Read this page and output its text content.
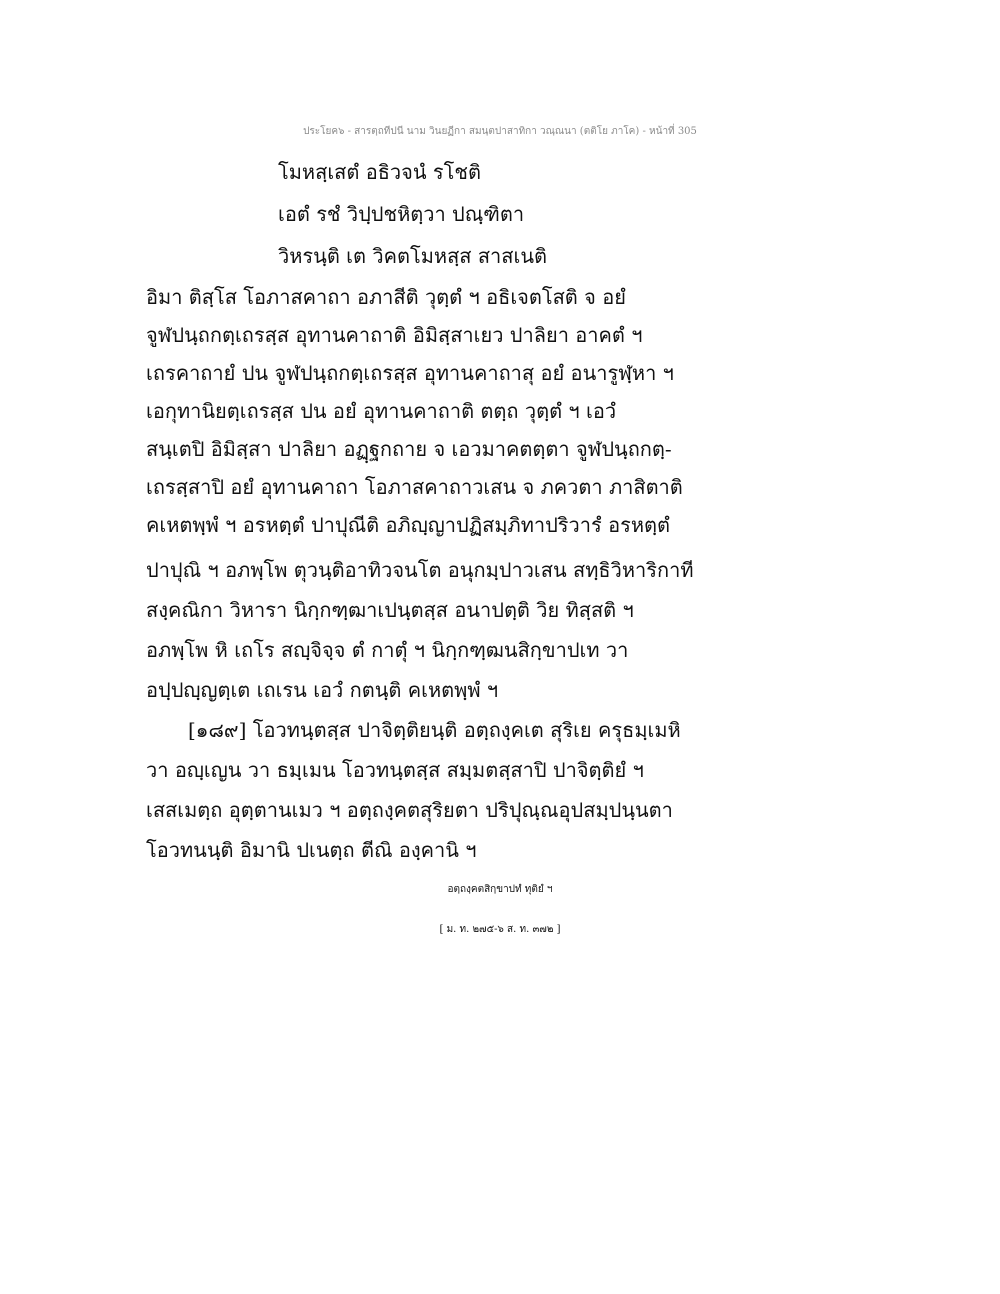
ประโยค๖ - สารตฺถทีปนี นาม วินยฏีกา สมนฺตปาสาทิกา วณฺณนา (ตติโย ภาโค) - หน้าที่ 305
โมหสฺเสตํ อธิวจนํ รโชติ
เอตํ รชํ วิปฺปชหิตฺวา ปณฺฑิตา
วิหรนฺติ เต วิคตโมหสฺส สาสเนติ
อิมา ติสฺโส โอภาสคาถา อภาสีติ วุตฺตํ ฯ อธิเจตโสติ จ อยํ
จูฬปนฺถกตฺเถรสฺส อุทานคาถาติ อิมิสฺสาเยว ปาลิยา อาคตํ ฯ
เถรคาถายํ ปน จูฬปนฺถกตฺเถรสฺส อุทานคาถาสุ อยํ อนารูฬฺหา ฯ
เอกุทานิยตฺเถรสฺส ปน อยํ อุทานคาถาติ ตตฺถ วุตฺตํ ฯ เอวํ
สนฺเตปิ อิมิสฺสา ปาลิยา อฏฺฐกถาย จ เอวมาคตตฺตา จูฬปนฺถกตฺ-
เถรสฺสาปิ อยํ อุทานคาถา โอภาสคาถาวเสน จ ภควตา ภาสิตาติ
คเหตพฺพํ ฯ อรหตฺตํ ปาปุณีติ อภิญฺญาปฏิสมฺภิทาปริวารํ อรหตฺตํ
ปาปุณิ ฯ อภพฺโพ ตุวนฺติอาทิวจนโต อนุกมฺปาวเสน สทฺธิวิหาริกาที
สงฺคณิกา วิหารา นิกฺกฑฺฒาเปนฺตสฺส อนาปตฺติ วิย ทิสฺสติ ฯ
อภพฺโพ หิ เถโร สญฺจิจฺจ ตํ กาตุํ ฯ นิกฺกฑฺฒนสิกฺขาปเท วา
อปฺปญฺญตฺเต เถเรน เอวํ กตนฺติ คเหตพฺพํ ฯ
[๑๘๙] โอวทนฺตสฺส ปาจิตฺติยนฺติ อตฺถงฺคเต สุริเย ครุธมฺเมหิ
วา อญฺเญน วา ธมฺเมน โอวทนฺตสฺส สมฺมตสฺสาปิ ปาจิตฺติยํ ฯ
เสสเมตฺถ อุตฺตานเมว ฯ อตฺถงฺคตสุริยตา ปริปุณฺณอุปสมฺปนฺนตา
โอวทนนฺติ อิมานิ ปเนตฺถ ตีณิ องฺคานิ ฯ
อตฺถงฺคตสิกฺขาปทํ ทุติยํ ฯ
[ ม. ท. ๒๗๕-๖ ส. ท. ๓๗๒ ]
